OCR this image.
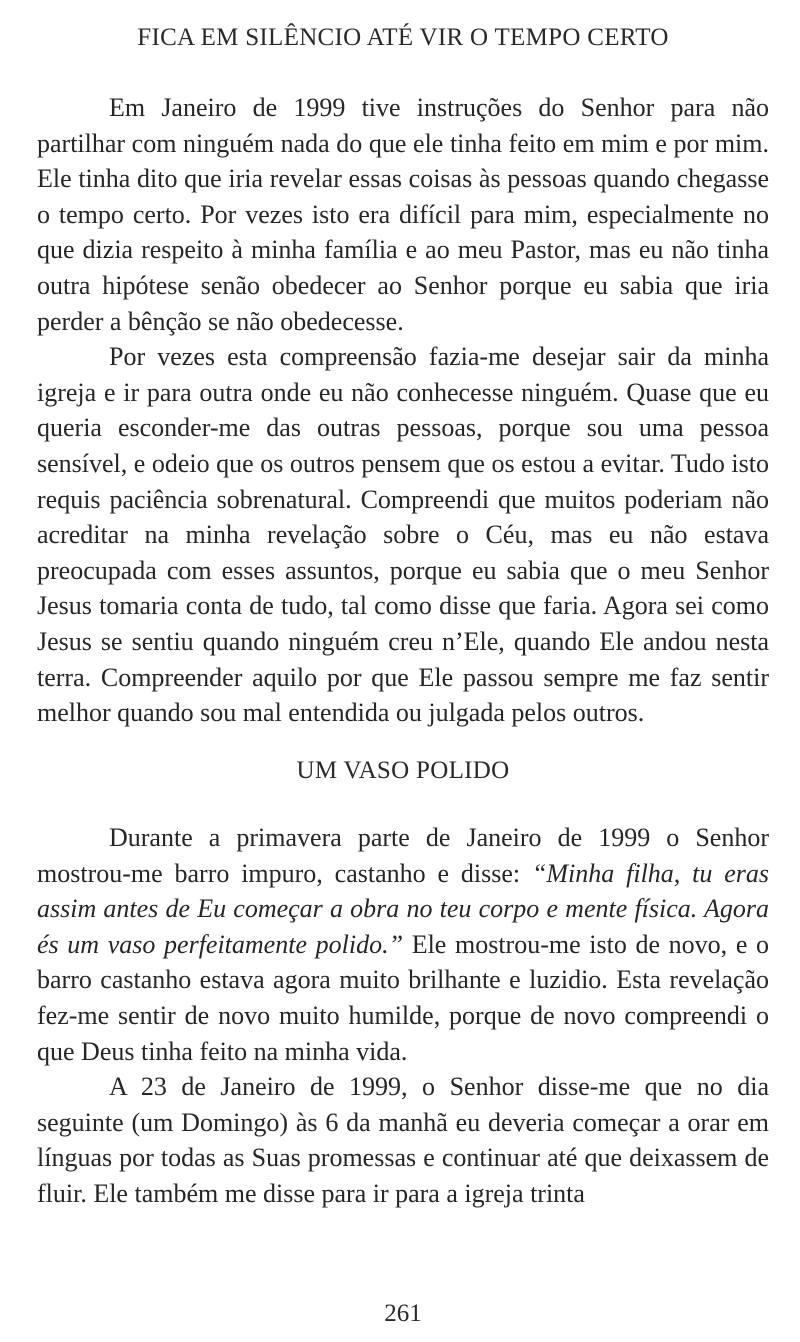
FICA EM SILÊNCIO ATÉ VIR O TEMPO CERTO

Em Janeiro de 1999 tive instruções do Senhor para não partilhar com ninguém nada do que ele tinha feito em mim e por mim. Ele tinha dito que iria revelar essas coisas às pessoas quando chegasse o tempo certo. Por vezes isto era difícil para mim, especialmente no que dizia respeito à minha família e ao meu Pastor, mas eu não tinha outra hipótese senão obedecer ao Senhor porque eu sabia que iria perder a bênção se não obedecesse.

Por vezes esta compreensão fazia-me desejar sair da minha igreja e ir para outra onde eu não conhecesse ninguém. Quase que eu queria esconder-me das outras pessoas, porque sou uma pessoa sensível, e odeio que os outros pensem que os estou a evitar. Tudo isto requis paciência sobrenatural. Compreendi que muitos poderiam não acreditar na minha revelação sobre o Céu, mas eu não estava preocupada com esses assuntos, porque eu sabia que o meu Senhor Jesus tomaria conta de tudo, tal como disse que faria. Agora sei como Jesus se sentiu quando ninguém creu n’Ele, quando Ele andou nesta terra. Compreender aquilo por que Ele passou sempre me faz sentir melhor quando sou mal entendida ou julgada pelos outros.

UM VASO POLIDO

Durante a primavera parte de Janeiro de 1999 o Senhor mostrou-me barro impuro, castanho e disse: “Minha filha, tu eras assim antes de Eu começar a obra no teu corpo e mente física. Agora és um vaso perfeitamente polido.” Ele mostrou-me isto de novo, e o barro castanho estava agora muito brilhante e luzidio. Esta revelação fez-me sentir de novo muito humilde, porque de novo compreendi o que Deus tinha feito na minha vida.

A 23 de Janeiro de 1999, o Senhor disse-me que no dia seguinte (um Domingo) às 6 da manhã eu deveria começar a orar em línguas por todas as Suas promessas e continuar até que deixassem de fluir. Ele também me disse para ir para a igreja trinta

261
